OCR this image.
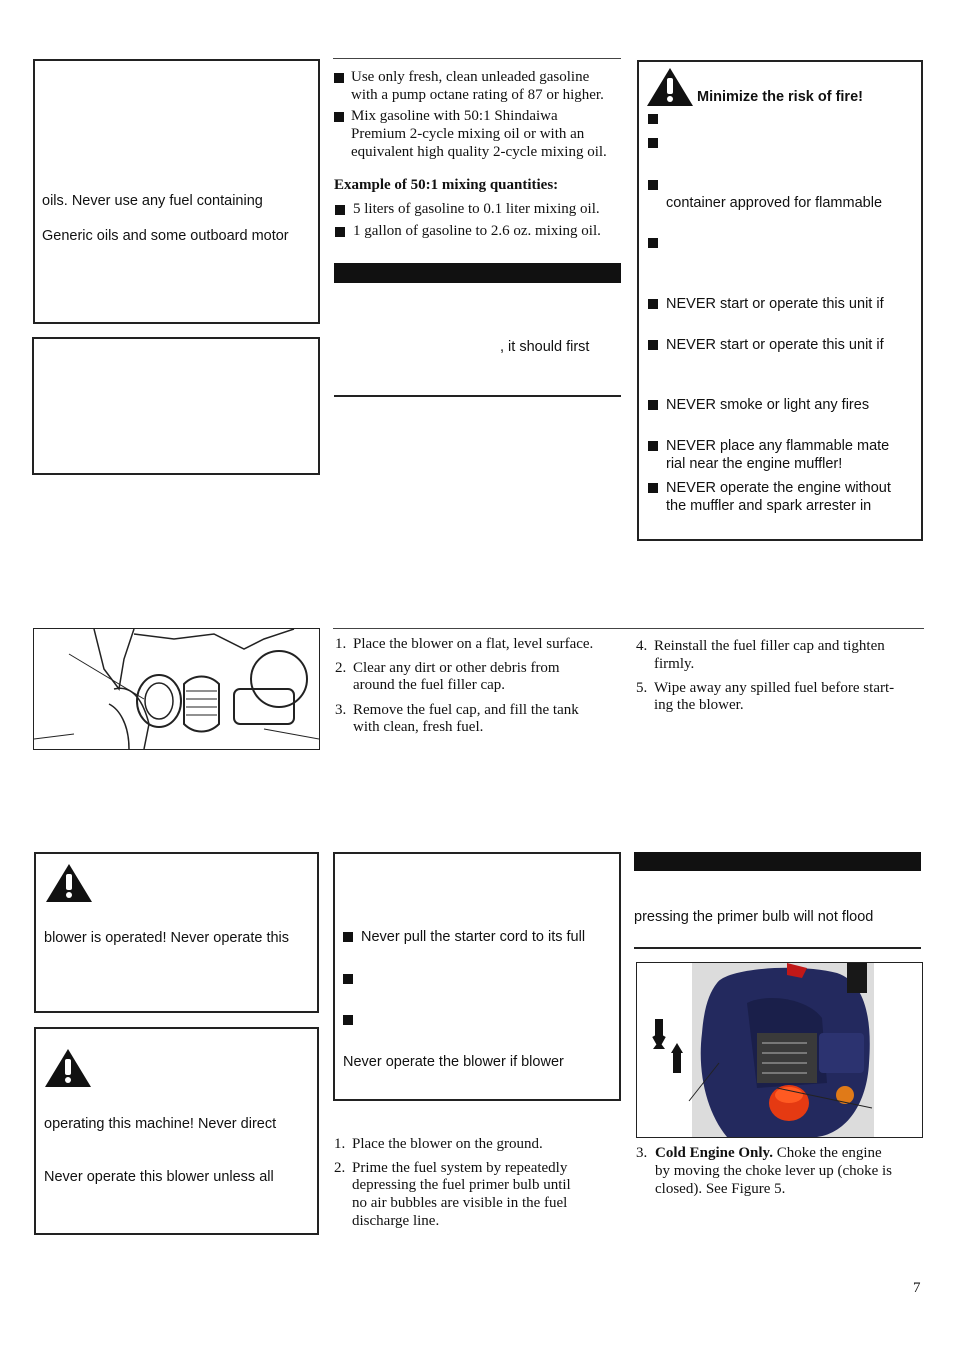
oils. Never use any fuel containing
Generic oils and some outboard motor
blower is operated! Never operate this
operating this machine! Never direct
Never operate this blower unless all
Use only fresh, clean unleaded gasoline
with a pump octane rating of 87 or higher.
Mix gasoline with 50:1 Shindaiwa
Premium 2-cycle mixing oil or with an
equivalent high quality 2-cycle mixing oil.
Example of 50:1 mixing quantities:
5 liters of gasoline to 0.1 liter mixing oil.
1 gallon of gasoline to 2.6 oz. mixing oil.
, it should first
1. Place the blower on a flat, level surface.
2. Clear any dirt or other debris from
around the fuel filler cap.
3. Remove the fuel cap, and fill the tank
with clean, fresh fuel.
Never pull the starter cord to its full
Never operate the blower if blower
1. Place the blower on the ground.
2. Prime the fuel system by repeatedly
depressing the fuel primer bulb until
no air bubbles are visible in the fuel
discharge line.
Minimize the risk of fire!
container approved for flammable
NEVER start or operate this unit if
NEVER start or operate this unit if
NEVER smoke or light any fires
NEVER place any flammable mate
rial near the engine muffler!
NEVER operate the engine without
the muffler and spark arrester in
4. Reinstall the fuel filler cap and tighten
firmly.
5. Wipe away any spilled fuel before start-
ing the blower.
pressing the primer bulb will not flood
3. Cold Engine Only. Choke the engine
by moving the choke lever up (choke is
closed). See Figure 5.
7
